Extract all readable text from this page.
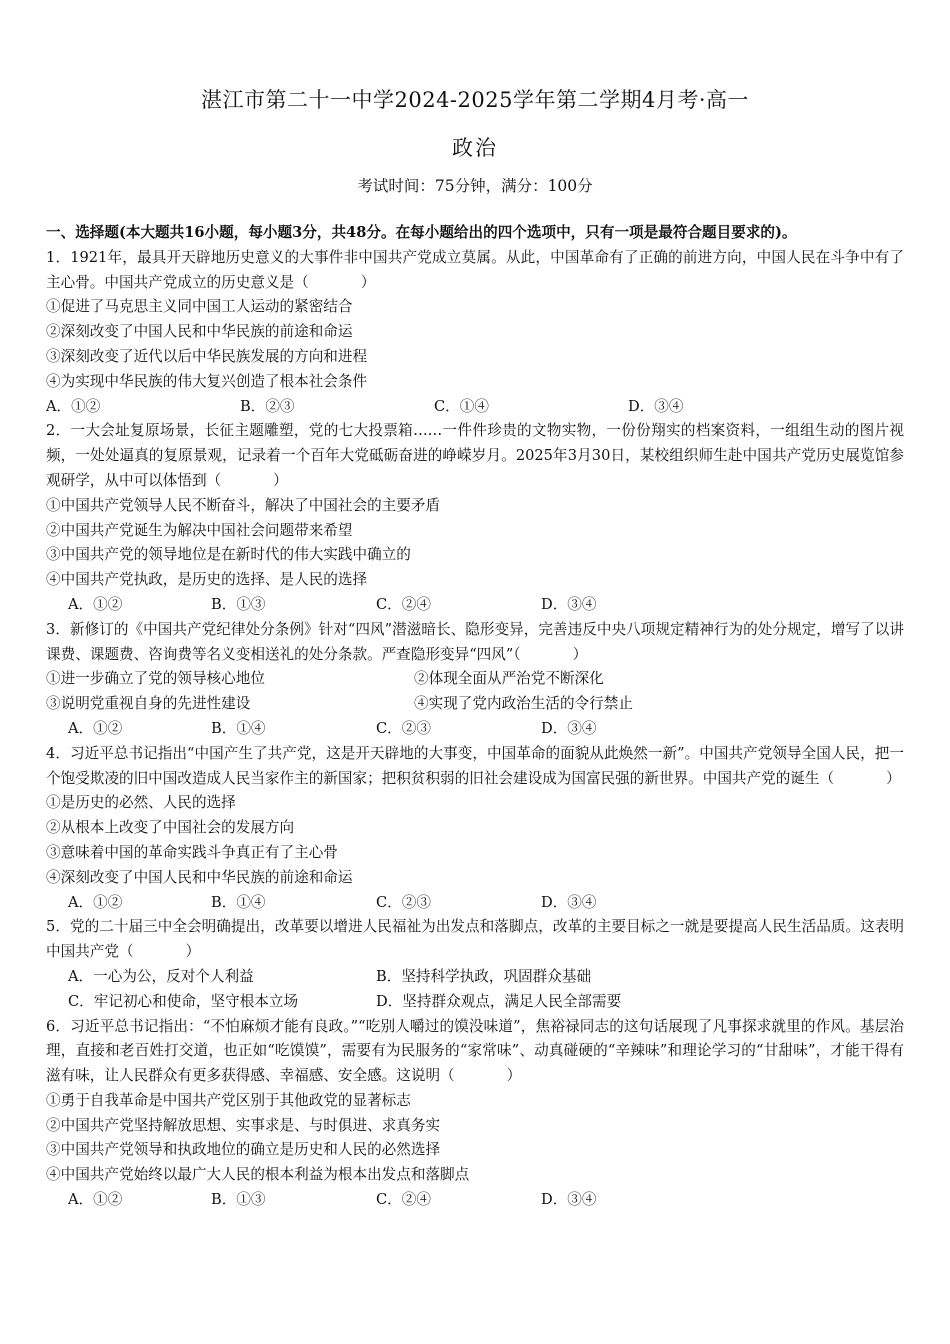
湛江市第二十一中学2024-2025学年第二学期4月考·高一
政治
考试时间：75分钟，满分：100分

一、选择题(本大题共16小题，每小题3分，共48分。在每小题给出的四个选项中，只有一项是最符合题目要求的)。

1．1921年，最具开天辟地历史意义的大事件非中国共产党成立莫属。从此，中国革命有了正确的前进方向，中国人民在斗争中有了主心骨。中国共产党成立的历史意义是（	）

①促进了马克思主义同中国工人运动的紧密结合

②深刻改变了中国人民和中华民族的前途和命运

③深刻改变了近代以后中华民族发展的方向和进程

④为实现中华民族的伟大复兴创造了根本社会条件

A．①②	B．②③	C．①④	D．③④

2．一大会址复原场景，长征主题雕塑，党的七大投票箱……一件件珍贵的文物实物，一份份翔实的档案资料，一组组生动的图片视频，一处处逼真的复原景观，记录着一个百年大党砥砺奋进的峥嵘岁月。2025年3月30日，某校组织师生赴中国共产党历史展览馆参观研学，从中可以体悟到（	）

①中国共产党领导人民不断奋斗，解决了中国社会的主要矛盾

②中国共产党诞生为解决中国社会问题带来希望

③中国共产党的领导地位是在新时代的伟大实践中确立的

④中国共产党执政，是历史的选择、是人民的选择

A．①②	B．①③	C．②④	D．③④

3．新修订的《中国共产党纪律处分条例》针对“四风”潜滋暗长、隐形变异，完善违反中央八项规定精神行为的处分规定，增写了以讲课费、课题费、咨询费等名义变相送礼的处分条款。严查隐形变异“四风”（	）

①进一步确立了党的领导核心地位	②体现全面从严治党不断深化
③说明党重视自身的先进性建设	④实现了党内政治生活的令行禁止
A．①②	B．①④	C．②③	D．③④

4．习近平总书记指出“中国产生了共产党，这是开天辟地的大事变，中国革命的面貌从此焕然一新”。中国共产党领导全国人民，把一个饱受欺凌的旧中国改造成人民当家作主的新国家；把积贫积弱的旧社会建设成为国富民强的新世界。中国共产党的诞生（	）

①是历史的必然、人民的选择

②从根本上改变了中国社会的发展方向

③意味着中国的革命实践斗争真正有了主心骨

④深刻改变了中国人民和中华民族的前途和命运

A．①②	B．①④	C．②③	D．③④

5．党的二十届三中全会明确提出，改革要以增进人民福祉为出发点和落脚点，改革的主要目标之一就是要提高人民生活品质。这表明中国共产党（	）

A．一心为公，反对个人利益	B．坚持科学执政，巩固群众基础
C．牢记初心和使命，坚守根本立场	D．坚持群众观点，满足人民全部需要

6．习近平总书记指出：“不怕麻烦才能有良政。”“吃别人嚼过的馍没味道”，焦裕禄同志的这句话展现了凡事探求就里的作风。基层治理，直接和老百姓打交道，也正如“吃馍馍”，需要有为民服务的“家常味”、动真碰硬的“辛辣味”和理论学习的“甘甜味”，才能干得有滋有味，让人民群众有更多获得感、幸福感、安全感。这说明（	）

①勇于自我革命是中国共产党区别于其他政党的显著标志

②中国共产党坚持解放思想、实事求是、与时俱进、求真务实

③中国共产党领导和执政地位的确立是历史和人民的必然选择

④中国共产党始终以最广大人民的根本利益为根本出发点和落脚点

A．①②	B．①③	C．②④	D．③④
